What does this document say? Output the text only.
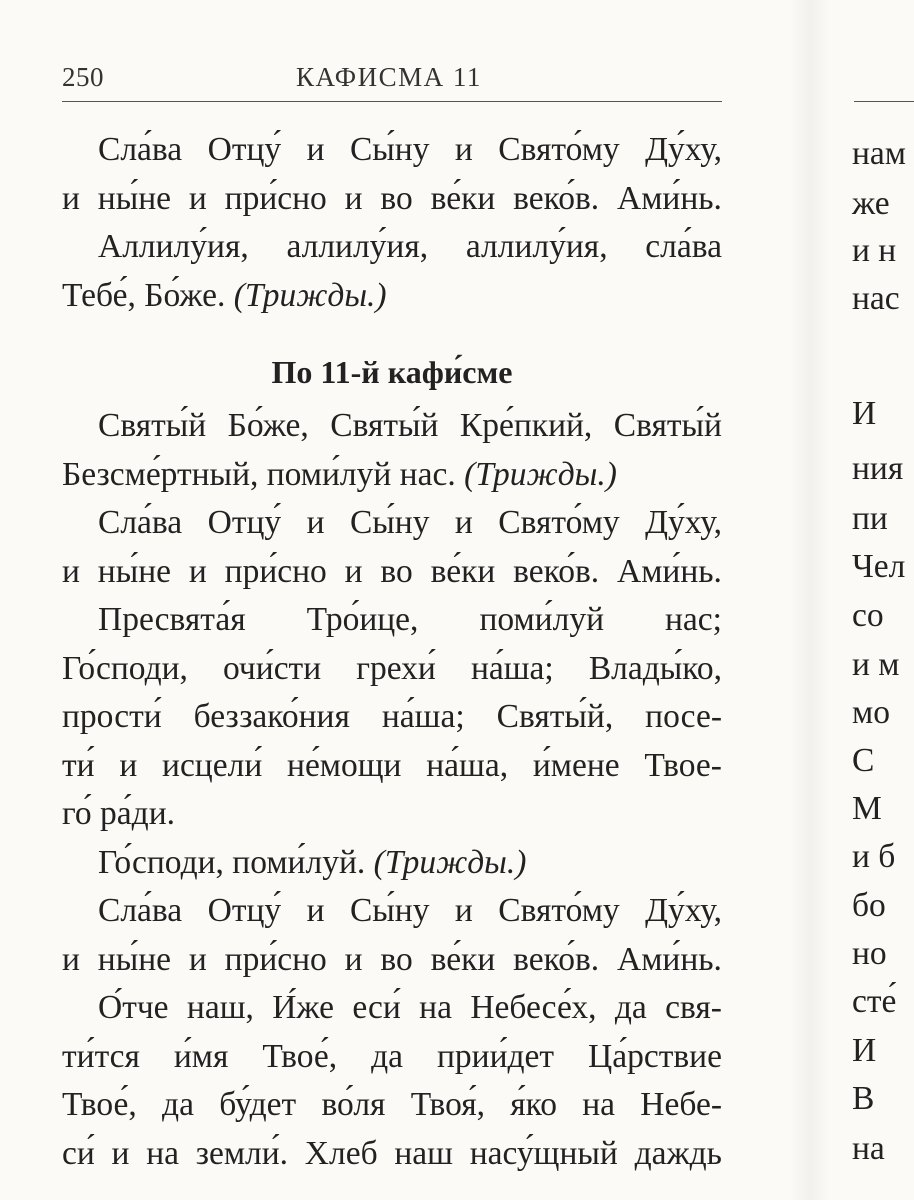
250	КАФИСМА 11
Сла́ва Отцу́ и Сы́ну и Свято́му Ду́ху,
и ны́не и при́сно и во ве́ки веко́в. Ами́нь.
Аллилу́ия, аллилу́ия, аллилу́ия, сла́ва
Тебе́, Бо́же. (Трижды.)
По 11-й кафи́сме
Святы́й Бо́же, Святы́й Кре́пкий, Святы́й
Безсме́ртный, поми́луй нас. (Трижды.)
Сла́ва Отцу́ и Сы́ну и Свято́му Ду́ху,
и ны́не и при́сно и во ве́ки веко́в. Ами́нь.
Пресвята́я Тро́ице, поми́луй нас;
Го́споди, очи́сти грехи́ на́ша; Влады́ко,
прости́ беззако́ния на́ша; Святы́й, посе-
ти́ и исцели́ не́мощи на́ша, и́мене Твое-
го́ ра́ди.
Го́споди, поми́луй. (Трижды.)
Сла́ва Отцу́ и Сы́ну и Свято́му Ду́ху,
и ны́не и при́сно и во ве́ки веко́в. Ами́нь.
О́тче наш, И́же еси́ на Небесе́х, да свя-
ти́тся и́мя Твое́, да прии́дет Ца́рствие
Твое́, да бу́дет во́ля Твоя́, я́ко на Небе-
си́ и на земли́. Хлеб наш насу́щный даждь
нам
же
и н
нас
И
ния
пи
Чел
со
и м
мо
С
М
и б
бо
но
сте́
И
В
на
